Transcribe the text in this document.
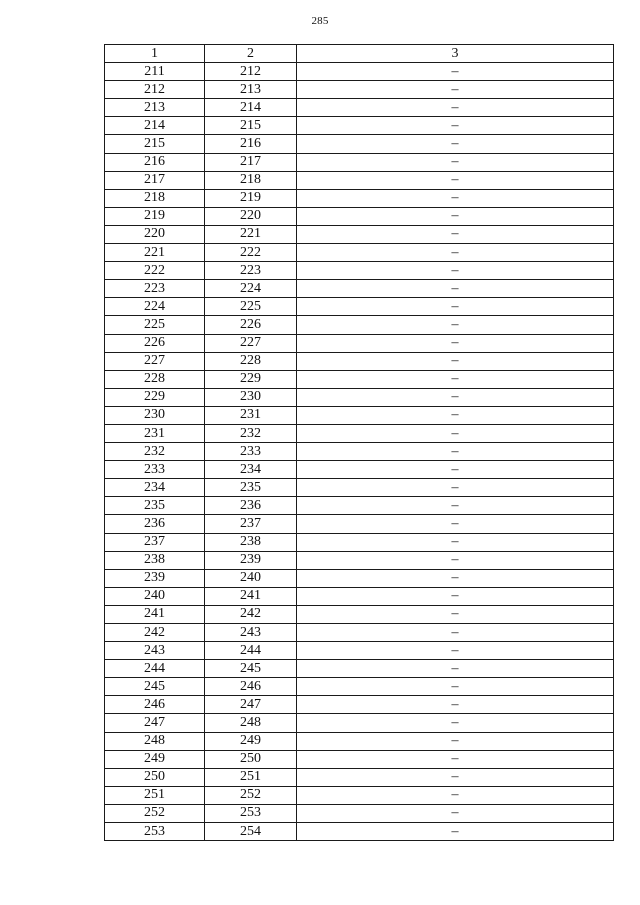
285
1	2	3
211	212	–
212	213	–
213	214	–
214	215	–
215	216	–
216	217	–
217	218	–
218	219	–
219	220	–
220	221	–
221	222	–
222	223	–
223	224	–
224	225	–
225	226	–
226	227	–
227	228	–
228	229	–
229	230	–
230	231	–
231	232	–
232	233	–
233	234	–
234	235	–
235	236	–
236	237	–
237	238	–
238	239	–
239	240	–
240	241	–
241	242	–
242	243	–
243	244	–
244	245	–
245	246	–
246	247	–
247	248	–
248	249	–
249	250	–
250	251	–
251	252	–
252	253	–
253	254	–
